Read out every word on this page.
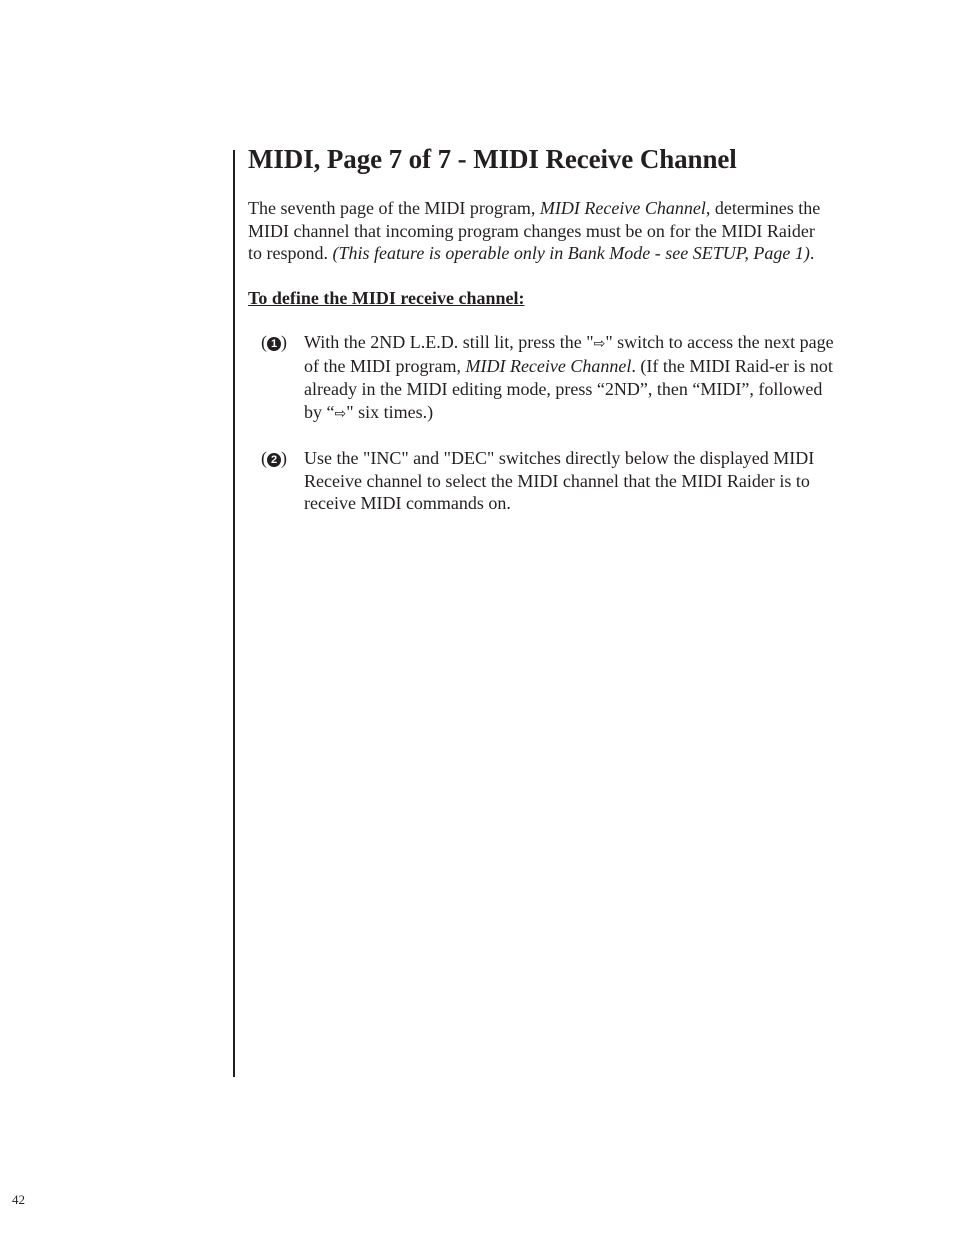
MIDI, Page 7 of 7 - MIDI Receive Channel

The seventh page of the MIDI program, MIDI Receive Channel, determines the MIDI channel that incoming program changes must be on for the MIDI Raider to respond. (This feature is operable only in Bank Mode - see SETUP, Page 1).

To define the MIDI receive channel:

( 1 ) With the 2ND L.E.D. still lit, press the "⇨" switch to access the next page of the MIDI program, MIDI Receive Channel. (If the MIDI Raid-er is not already in the MIDI editing mode, press “2ND”, then “MIDI”, followed by “⇨" six times.)
( 2 ) Use the "INC" and "DEC" switches directly below the displayed MIDI Receive channel to select the MIDI channel that the MIDI Raider is to receive MIDI commands on.
42
